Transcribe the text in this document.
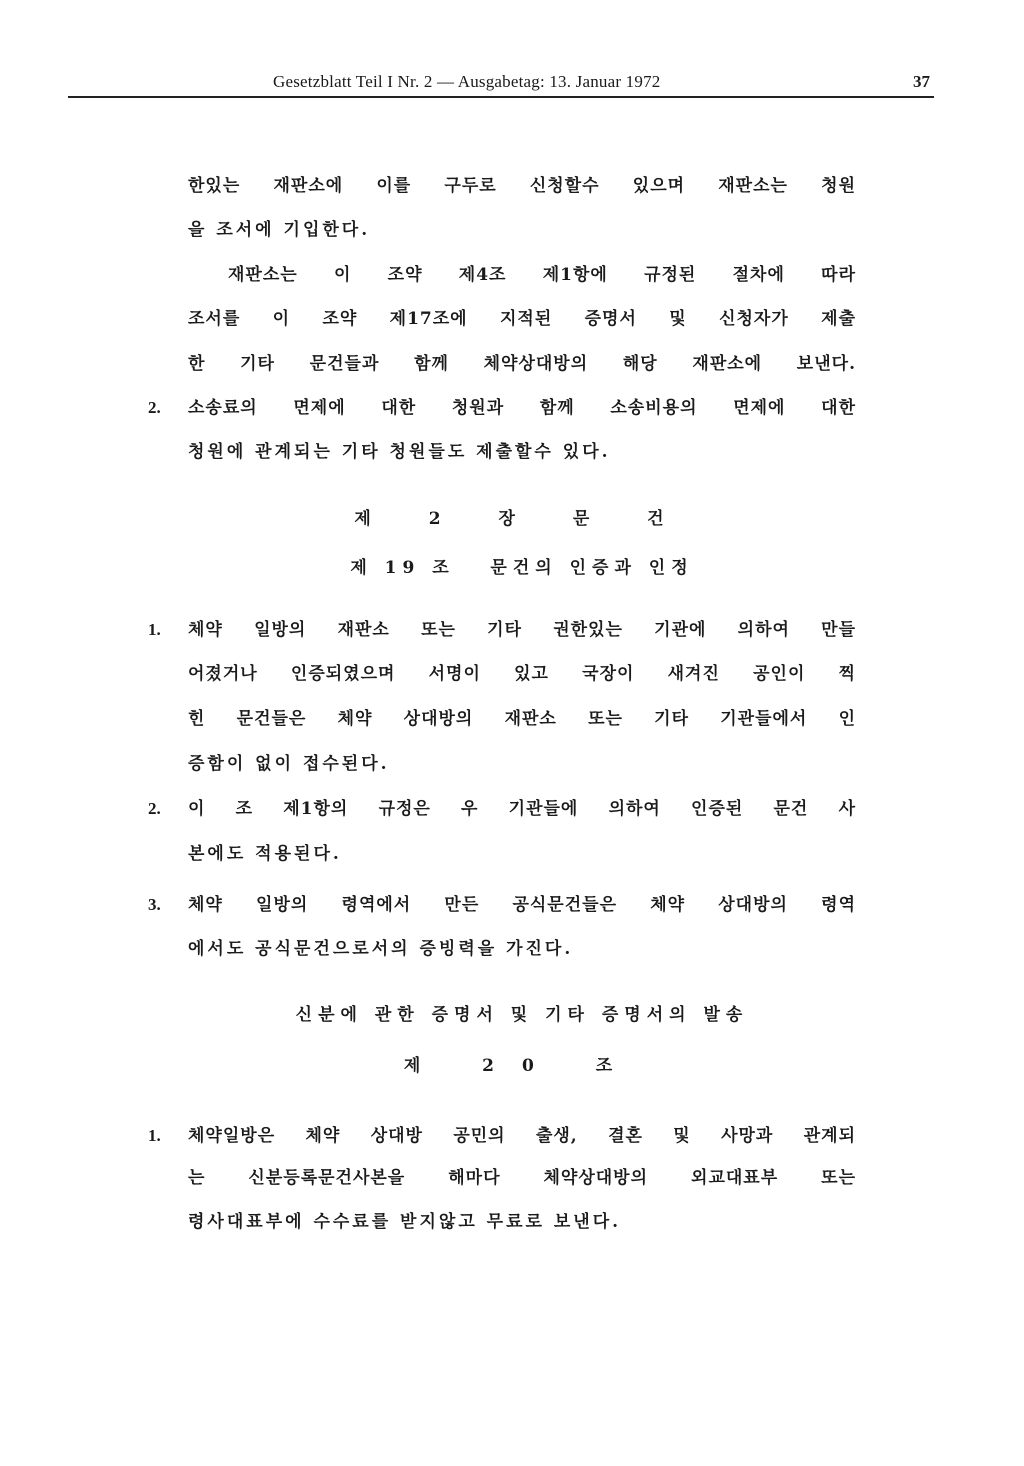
Gesetzblatt Teil I Nr. 2 — Ausgabetag: 13. Januar 1972	37
한있는 재판소에 이를 구두로 신청할수 있으며 재판소는 청원
을 조서에 기입한다.
재판소는 이 조약 제4조 제1항에 규정된 절차에 따라
조서를 이 조약 제17조에 지적된 증명서 및 신청자가 제출
한 기타 문건들과 함께 체약상대방의 해당 재판소에 보낸다.
2. 소송료의 면제에 대한 청원과 함께 소송비용의 면제에 대한
청원에 관계되는 기타 청원들도 제출할수 있다.
제 2 장 문 건
제 19 조   문건의 인증과 인정
1. 체약 일방의 재판소 또는 기타 권한있는 기관에 의하여 만들
어졌거나 인증되였으며 서명이 있고 국장이 새겨진 공인이 찍
힌 문건들은 체약 상대방의 재판소 또는 기타 기관들에서 인
증함이 없이 접수된다.
2. 이 조 제1항의 규정은 우 기관들에 의하여 인증된 문건 사
본에도 적용된다.
3. 체약 일방의 령역에서 만든 공식문건들은 체약 상대방의 령역
에서도 공식문건으로서의 증빙력을 가진다.
신분에 관한 증명서 및 기타 증명서의 발송
제 20 조
1. 체약일방은 체약 상대방 공민의 출생, 결혼 및 사망과 관계되
는 신분등록문건사본을 해마다 체약상대방의 외교대표부 또는
령사대표부에 수수료를 받지않고 무료로 보낸다.
